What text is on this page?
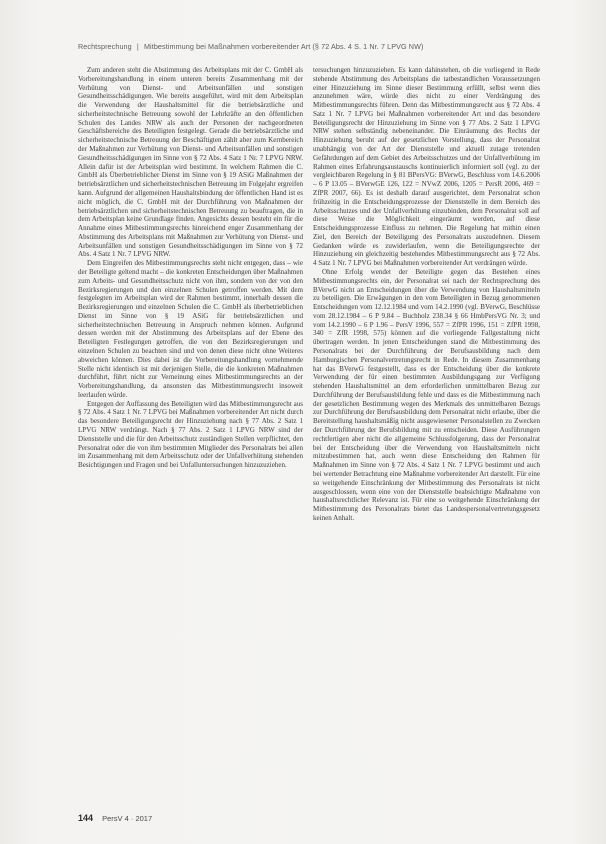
Rechtsprechung | Mitbestimmung bei Maßnahmen vorbereitender Art (§ 72 Abs. 4 S. 1 Nr. 7 LPVG NW)

Zum anderen steht die Abstimmung des Arbeitsplans mit der C. GmbH als Vorbereitungshandlung in einem unteren bereits Zusammenhang mit der Verhütung von Dienst- und Arbeitsunfällen und sonstigen Gesundheitsschädigungen. Wie bereits ausgeführt, wird mit dem Arbeitsplan die Verwendung der Haushaltsmittel für die betriebsärztliche und sicherheitstechnische Betreuung sowohl der Lehrkräfte an den öffentlichen Schulen des Landes NRW als auch der Personen der nachgeordneten Geschäftsbereiche des Beteiligten festgelegt. Gerade die betriebsärztliche und sicherheitstechnische Betreuung der Beschäftigten zählt aber zum Kernbereich der Maßnahmen zur Verhütung von Dienst- und Arbeitsunfällen und sonstigen Gesundheitsschädigungen im Sinne von § 72 Abs. 4 Satz 1 Nr. 7 LPVG NRW. Allein dafür ist der Arbeitsplan wird bestimmt. In welchem Rahmen die C. GmbH als Überbetrieblicher Dienst im Sinne von § 19 ASiG Maßnahmen der betriebsärztlichen und sicherheitstechnischen Betreuung im Folgejahr ergreifen kann. Aufgrund der allgemeinen Haushaltsbindung der öffentlichen Hand ist es nicht möglich, die C. GmbH mit der Durchführung von Maßnahmen der betriebsärztlichen und sicherheitstechnischen Betreuung zu beauftragen, die in dem Arbeitsplan keine Grundlage finden. Angesichts dessen besteht ein für die Annahme eines Mitbestimmungsrechts hinreichend enger Zusammenhang der Abstimmung des Arbeitsplans mit Maßnahmen zur Verhütung von Dienst- und Arbeitsunfällen und sonstigen Gesundheitsschädigungen im Sinne von § 72 Abs. 4 Satz 1 Nr. 7 LPVG NRW.

Dem Eingreifen des Mitbestimmungsrechts steht nicht entgegen, dass – wie der Beteiligte geltend macht – die konkreten Entscheidungen über Maßnahmen zum Arbeits- und Gesundheitsschutz nicht von ihm, sondern von der von den Bezirksregierungen und den einzelnen Schulen getroffen werden. Mit dem festgelegten im Arbeitsplan wird der Rahmen bestimmt, innerhalb dessen die Bezirksregierungen und einzelnen Schulen die C. GmbH als überbetrieblichen Dienst im Sinne von § 19 ASiG für betriebsärztlichen und sicherheitstechnischen Betreuung in Anspruch nehmen können. Aufgrund dessen werden mit der Abstimmung des Arbeitsplans auf der Ebene des Beteiligten Festlegungen getroffen, die von den Bezirksregierungen und einzelnen Schulen zu beachten sind und von denen diese nicht ohne Weiteres abweichen können. Dies dabei ist die Vorbereitungshandlung vornehmende Stelle nicht identisch ist mit derjenigen Stelle, die die konkreten Maßnahmen durchführt, führt nicht zur Verneinung eines Mitbestimmungsrechts an der Vorbereitungshandlung, da ansonsten das Mitbestimmungsrecht insoweit leerlaufen würde.

Entgegen der Auffassung des Beteiligten wird das Mitbestimmungsrecht aus § 72 Abs. 4 Satz 1 Nr. 7 LPVG bei Maßnahmen vorbereitender Art nicht durch das besondere Beteiligungsrecht der Hinzuziehung nach § 77 Abs. 2 Satz 1 LPVG NRW verdrängt. Nach § 77 Abs. 2 Satz 1 LPVG NRW sind der Dienststelle und die für den Arbeitsschutz zuständigen Stellen verpflichtet, den Personalrat oder die von ihm bestimmten Mitglieder des Personalrats bei allen im Zusammenhang mit dem Arbeitsschutz oder der Unfallverhütung stehenden Besichtigungen und Fragen und bei Unfalluntersuchungen hinzuzuziehen.

tersuchungen hinzuzuziehen. Es kann dahinstehen, ob die vorliegend in Rede stehende Abstimmung des Arbeitsplans die tatbestandlichen Voraussetzungen einer Hinzuziehung im Sinne dieser Bestimmung erfüllt, selbst wenn dies anzunehmen wäre, würde dies nicht zu einer Verdrängung des Mitbestimmungsrechts führen. Denn das Mitbestimmungsrecht aus § 72 Abs. 4 Satz 1 Nr. 7 LPVG bei Maßnahmen vorbereitender Art und das besondere Beteiligungsrecht der Hinzuziehung im Sinne von § 77 Abs. 2 Satz 1 LPVG NRW stehen selbständig nebeneinander. Die Einräumung des Rechts der Hinzuziehung beruht auf der gesetzlichen Vorstellung, dass der Personalrat unabhängig von der Art der Dienststelle und aktuell zutage tretenden Gefährdungen auf dem Gebiet des Arbeitsschutzes und der Unfallverhütung im Rahmen eines Erfahrungsaustauschs kontinuierlich informiert soll (vgl. zu der vergleichbaren Regelung in § 81 BPersVG: BVerwG, Beschluss vom 14.6.2006 – 6 P 13.05 – BVerwGE 126, 122 = NVwZ 2006, 1205 = PersR 2006, 469 = ZfPR 2007, 66). Es ist deshalb darauf ausgerichtet, dem Personalrat schon frühzeitig in die Entscheidungsprozesse der Dienststelle in dem Bereich des Arbeitsschutzes und der Unfallverhütung einzubinden, dem Personalrat soll auf diese Weise die Möglichkeit eingeräumt werden, auf diese Entscheidungsprozesse Einfluss zu nehmen. Die Regelung hat mithin einen Ziel, den Bereich der Beteiligung des Personalrats auszudehnen. Diesem Gedanken würde es zuwiderlaufen, wenn die Beteiligungsrechte der Hinzuziehung ein gleichzeitig bestehendes Mitbestimmungsrecht aus § 72 Abs. 4 Satz 1 Nr. 7 LPVG bei Maßnahmen vorbereitender Art verdrängen würde.

Ohne Erfolg wendet der Beteiligte gegen das Bestehen eines Mitbestimmungsrechts ein, der Personalrat sei nach der Rechtsprechung des BVerwG nicht an Entscheidungen über die Verwendung von Haushaltsmitteln zu beteiligen. Die Erwägungen in den vom Beteiligten in Bezug genommenen Entscheidungen vom 12.12.1984 und vom 14.2.1990 (vgl. BVerwG, Beschlüsse vom 28.12.1984 – 6 P 9.84 – Buchholz 238.34 § 66 HmbPersVG Nr. 3; und vom 14.2.1990 – 6 P 1.96 – PersV 1996, 557 = ZfPR 1996, 151 = ZfPR 1998, 340 = ZfR 1998, 575) können auf die vorliegende Fallgestaltung nicht übertragen werden. In jenen Entscheidungen stand die Mitbestimmung des Personalrats bei der Durchführung der Berufsausbildung nach dem Hamburgischen Personalvertretungsrecht in Rede. In diesem Zusammenhang hat das BVerwG festgestellt, dass es der Entscheidung über die konkrete Verwendung der für einen bestimmten Ausbildungsgang zur Verfügung stehenden Haushaltsmittel an dem erforderlichen unmittelbaren Bezug zur Durchführung der Berufsausbildung fehle und dass es die Mitbestimmung nach der gesetzlichen Bestimmung wegen des Merkmals des unmittelbaren Bezugs zur Durchführung der Berufsausbildung dem Personalrat nicht erlaube, über die Bereitstellung haushaltsmäßig nicht ausgewiesener Personalstellen zu Zwecken der Durchführung der Berufsbildung mit zu entscheiden. Diese Ausführungen rechtfertigen aber nicht die allgemeine Schlussfolgerung, dass der Personalrat bei der Entscheidung über die Verwendung von Haushaltsmitteln nicht mitzubestimmen hat, auch wenn diese Entscheidung den Rahmen für Maßnahmen im Sinne von § 72 Abs. 4 Satz 1 Nr. 7 LPVG bestimmt und auch bei wertender Betrachtung eine Maßnahme vorbereitender Art darstellt. Für eine so weitgehende Einschränkung der Mitbestimmung des Personalrats ist nicht ausgeschlossen, wenn eine von der Dienststelle beabsichtigte Maßnahme von haushaltsrechtlicher Relevanz ist. Für eine so weitgehende Einschränkung der Mitbestimmung des Personalrats bietet das Landespersonalvertretungsgesetz keinen Anhalt.

144 PersV 4 · 2017
